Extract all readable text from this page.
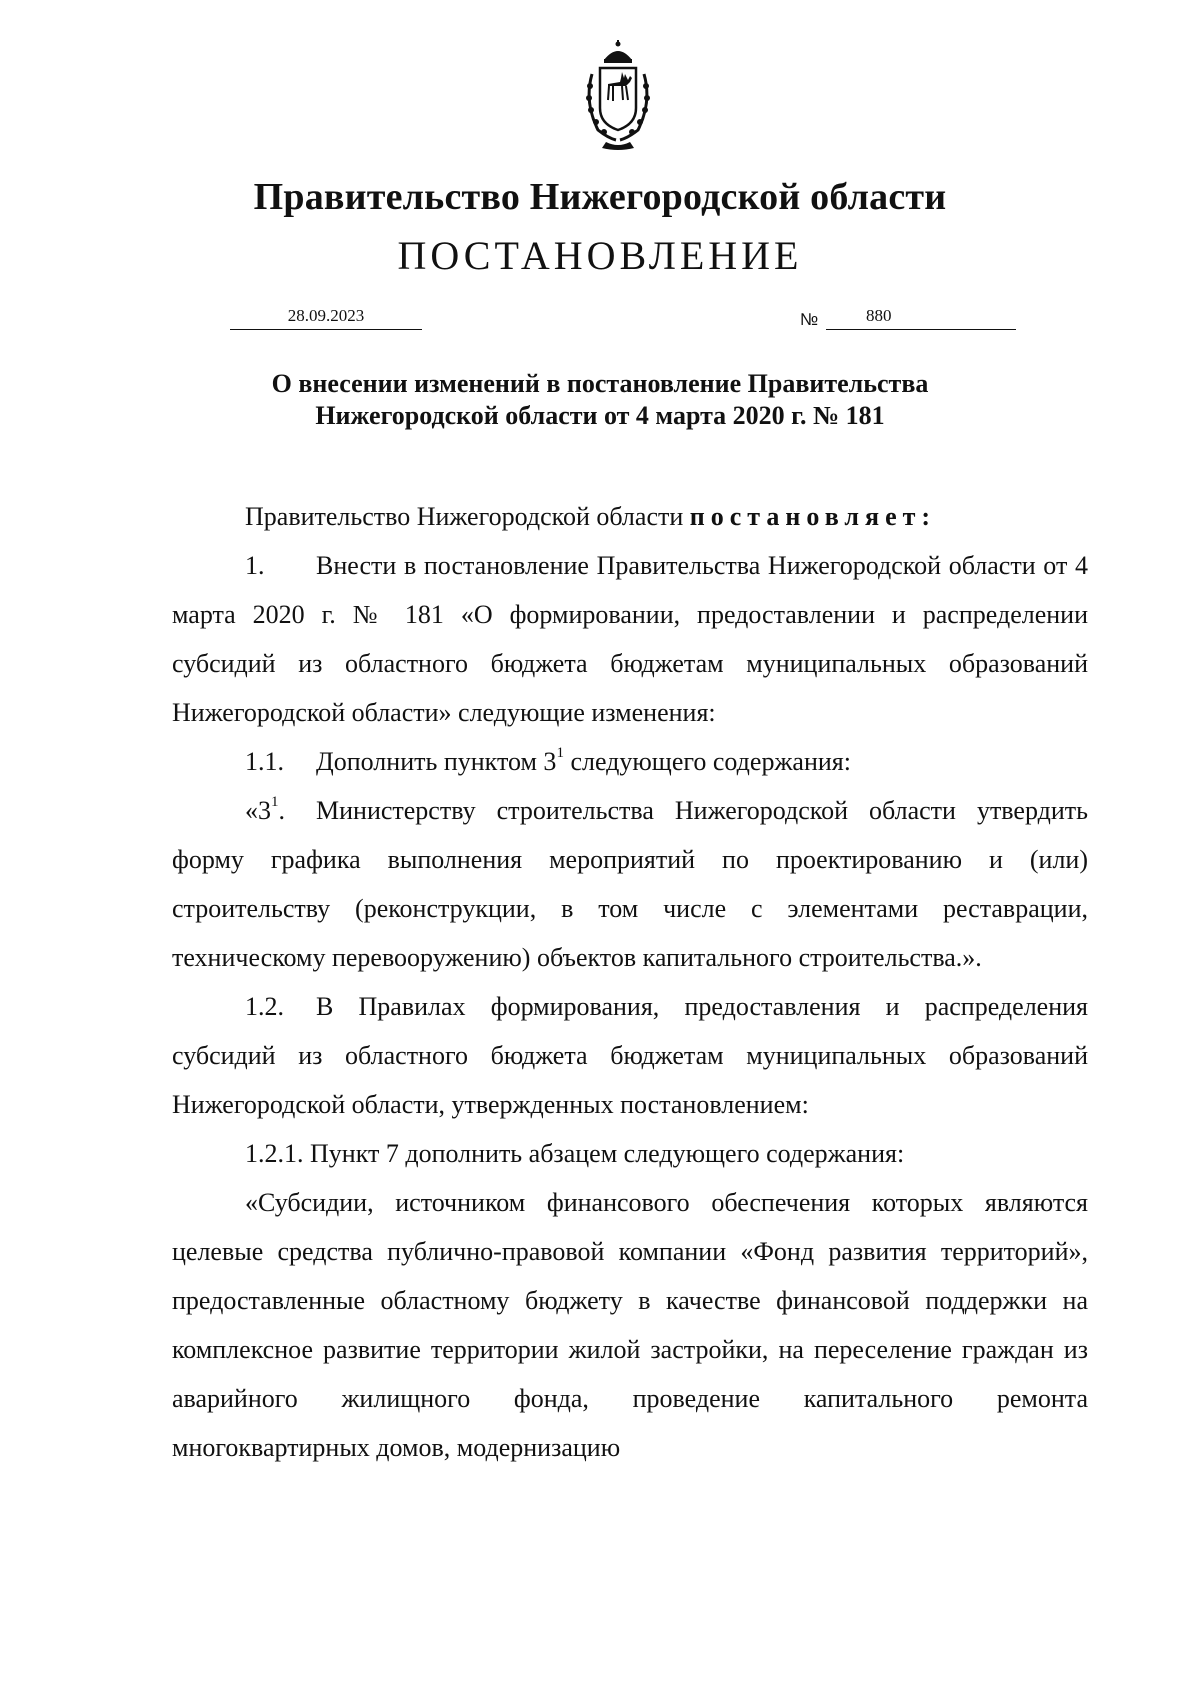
Правительство Нижегородской области
ПОСТАНОВЛЕНИЕ
28.09.2023	№	880
О внесении изменений в постановление Правительства
Нижегородской области от 4 марта 2020 г. № 181

Правительство Нижегородской области постановляет:

1. Внести в постановление Правительства Нижегородской области от 4 марта 2020 г. № 181 «О формировании, предоставлении и распределении субсидий из областного бюджета бюджетам муниципальных образований Нижегородской области» следующие изменения:

1.1. Дополнить пунктом $3^1$ следующего содержания:

«$3^1$. Министерству строительства Нижегородской области утвердить форму графика выполнения мероприятий по проектированию и (или) строительству (реконструкции, в том числе с элементами реставрации, техническому перевооружению) объектов капитального строительства.».

1.2. В Правилах формирования, предоставления и распределения субсидий из областного бюджета бюджетам муниципальных образований Нижегородской области, утвержденных постановлением:

1.2.1. Пункт 7 дополнить абзацем следующего содержания:

«Субсидии, источником финансового обеспечения которых являются целевые средства публично-правовой компании «Фонд развития территорий», предоставленные областному бюджету в качестве финансовой поддержки на комплексное развитие территории жилой застройки, на переселение граждан из аварийного жилищного фонда, проведение капитального ремонта многоквартирных домов, модернизацию
